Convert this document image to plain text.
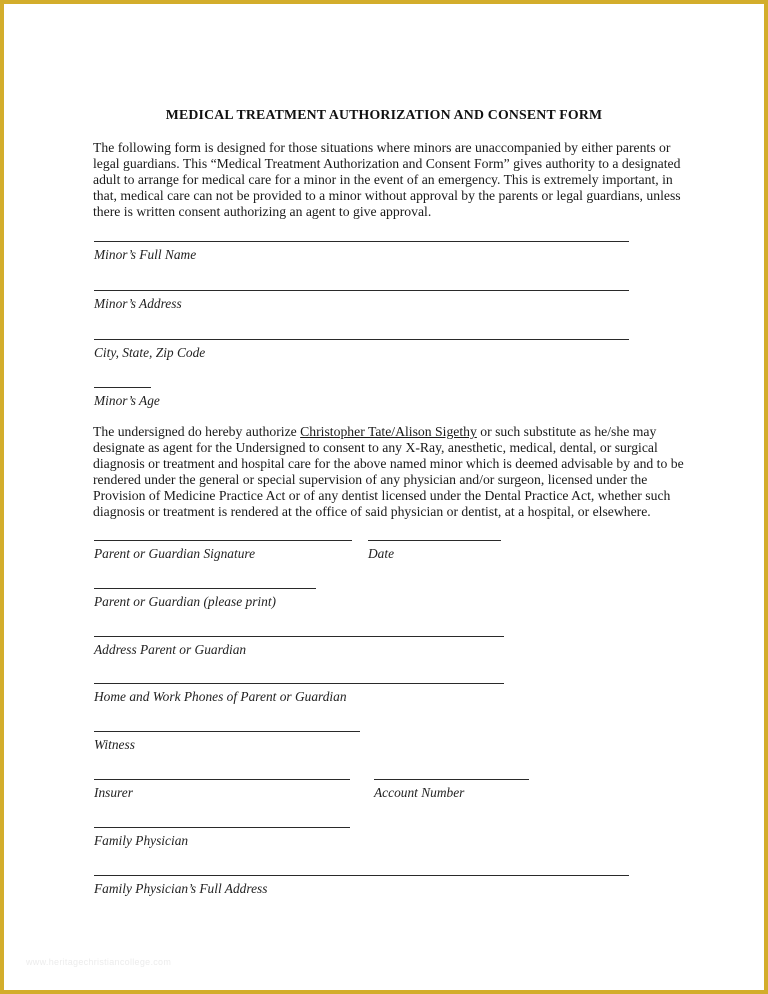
MEDICAL TREATMENT AUTHORIZATION AND CONSENT FORM
The following form is designed for those situations where minors are unaccompanied by either parents or legal guardians. This “Medical Treatment Authorization and Consent Form” gives authority to a designated adult to arrange for medical care for a minor in the event of an emergency. This is extremely important, in that, medical care can not be provided to a minor without approval by the parents or legal guardians, unless there is written consent authorizing an agent to give approval.
Minor’s Full Name
Minor’s Address
City, State, Zip Code
Minor’s Age
The undersigned do hereby authorize Christopher Tate/Alison Sigethy or such substitute as he/she may designate as agent for the Undersigned to consent to any X-Ray, anesthetic, medical, dental, or surgical diagnosis or treatment and hospital care for the above named minor which is deemed advisable by and to be rendered under the general or special supervision of any physician and/or surgeon, licensed under the Provision of Medicine Practice Act or of any dentist licensed under the Dental Practice Act, whether such diagnosis or treatment is rendered at the office of said physician or dentist, at a hospital, or elsewhere.
Parent or Guardian Signature	Date
Parent or Guardian (please print)
Address Parent or Guardian
Home and Work Phones of Parent or Guardian
Witness
Insurer	Account Number
Family Physician
Family Physician’s Full Address
www.heritagechristiancollege.com
